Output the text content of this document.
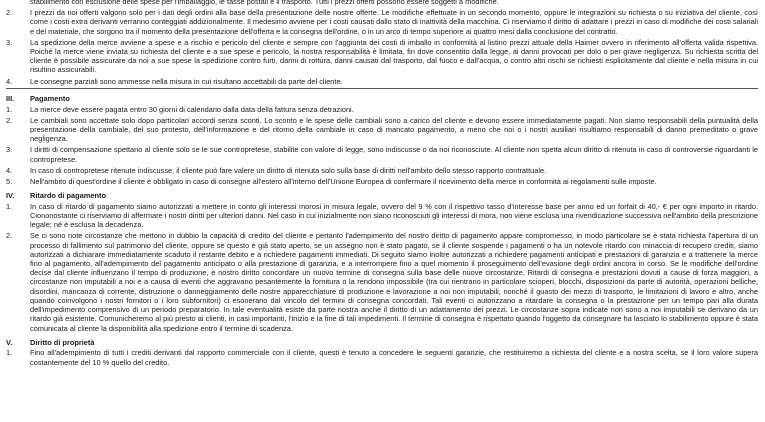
stabilimento con esclusione delle spese per l'imballaggio, le tasse postali e il trasporto. Tutti i prezzi offerti possono essere soggetti a modifiche.
2.	I prezzi da noi offerti valgono solo per i dati degli ordini alla base della presentazione delle nostre offerte. Le modifiche effettuate in un secondo momento, oppure le integrazioni su richiesta o su iniziativa del cliente, così come i costi extra derivanti verranno conteggiati addizionalmente. Il medesimo avviene per i costi causati dallo stato di inattività della macchina. Ci riserviamo il diritto di adattare i prezzi in caso di modifiche dei costi salariali e del materiale, che sorgono tra il momento della presentazione dell'offerta e la consegna dell'ordine, o in un arco di tempo superiore ai quattro mesi dalla conclusione del contratto.
3.	La spedizione della merce avviene a spese e a rischio e pericolo del cliente e sempre con l'aggiunta dei costi di imballo in conformità al listino prezzi attuale della Haimer ovvero in riferimento all'offerta valida rispettiva. Poiché la merce viene inviata su richiesta del cliente e a sue spese e pericolo, la nostra responsabilità è limitata, fin dove consentito dalla legge, ai danni provocati per dolo o per grave negligenza. Su richiesta scritta del cliente è possibile assicurare da noi a sue spese la spedizione contro furti, danni di rottura, danni causati dal trasporto, dal fuoco e dall'acqua, o contro altri rischi se richiesti esplicitamente dal cliente e nella misura in cui risultino assicurabili.
4.	Le consegne parziali sono ammesse nella misura in cui risultano accettabili da parte del cliente.
III.	Pagamento
1.	La merce deve essere pagata entro 30 giorni di calendario dalla data della fattura senza detrazioni.
2.	Le cambiali sono accettate solo dopo particolari accordi senza sconti. Lo sconto e le spese delle cambiali sono a carico del cliente e devono essere immediatamente pagati. Non siamo responsabili della puntualità della presentazione della cambiale, del suo protesto, dell'informazione e del ritorno della cambiale in caso di mancato pagamento, a meno che noi o i nostri ausiliari risultiamo responsabili di danno premeditato o grave negligenza.
3.	I diritti di compensazione spettano al cliente solo se le sue contropretese, stabilite con valore di legge, sono indiscusse o da noi riconosciute. Al cliente non spetta alcun diritto di ritenuta in caso di controversie riguardanti le contropretese.
4.	In caso di contropretese ritenute indiscusse, il cliente può fare valere un diritto di ritenuta solo sulla base di diritti nell'ambito dello stesso rapporto contrattuale.
5.	Nell'ambito di quest'ordine il cliente è obbligato in caso di consegne all'estero all'interno dell'Unione Europea di confermare il ricevimento della merce in conformità ai regolamenti sulle imposte.
IV.	Ritardo di pagamento
1.	In caso di ritardo di pagamento siamo autorizzati a mettere in conto gli interessi morosi in misura legale, ovvero del 9 % con il rispettivo tasso d'interesse base per anno ed un forfait di 40,- € per ogni importo in ritardo. Ciononostante ci riserviamo di affermare i nostri diritti per ulteriori danni. Nel caso in cui inizialmente non siano riconosciuti gli interessi di mora, non viene esclusa una rivendicazione successiva nell'ambito della prescrizione legale; né è esclusa la decadenza.
2.	Se ci sono note circostanze che mettono in dubbio la capacità di credito del cliente e pertanto l'adempimento del nostro diritto di pagamento appare compromesso, in modo particolare se è stata richiesta l'apertura di un processo di fallimento sul patrimonio del cliente, oppure se questo è già stato aperto, se un assegno non è stato pagato, se il cliente sospende i pagamenti o ha un notevole ritardo con minaccia di recupero crediti, siamo autorizzati a dichiarare immediatamente scaduto il restante debito e a richiedere pagamenti immediati. Di seguito siamo inoltre autorizzati a richiedere pagamenti anticipati e prestazioni di garanzia e a trattenere la merce fino al pagamento, all'adempimento del pagamento anticipato o alla prestazione di garanzia, e a interrompere fino a quel momento il proseguimento dell'evasione degli ordini ancora in corso. Se le modifiche dell'ordine decise dal cliente influenzano il tempo di produzione, è nostro diritto concordare un nuovo termine di consegna sulla base delle nuove circostanze. Ritardi di consegna e prestazioni dovuti a cause di forza maggiori, a circostanze non imputabili a noi e a causa di eventi che aggravano pesantemente la fornitura o la rendono impossibile (tra cui rientrano in particolare scioperi, blocchi, disposizioni da parte di autorità, operazioni belliche, disordini, mancanza di corrente, distruzione o danneggiamento delle nostre apparecchiature di produzione e lavorazione a noi non imputabili, nonché il guasto dei mezzi di trasporto, le limitazioni di lavoro e altro, anche quando coinvolgono i nostri fornitori o i loro subfornitori) ci esonerano dal vincolo del termini di consegna concordati. Tali eventi ci autorizzano a ritardare la consegna o la prestazione per un tempo pari alla durata dell'impedimento comprensivo di un periodo preparatorio. In tale eventualità esiste da parte nostra anche il diritto di un adattamento dei prezzi. Le circostanze sopra indicate non sono a noi imputabili se derivano da un ritardo già esistente. Comunicheremo al più presto ai clienti, in casi importanti, l'inizio e la fine di tali impedimenti. Il termine di consegna è rispettato quando l'oggetto da consegnare ha lasciato lo stabilimento oppure è stata comunicata al cliente la disponibilità alla spedizione entro il termine di scadenza.
V.	Diritto di proprietà
1.	Fino all'adempimento di tutti i crediti derivanti dal rapporto commerciale con il cliente, questi è tenuto a concedere le seguenti garanzie, che restituiremo a richiesta del cliente e a nostra scelta, se il loro valore supera costantemente del 10 % quello del credito.
